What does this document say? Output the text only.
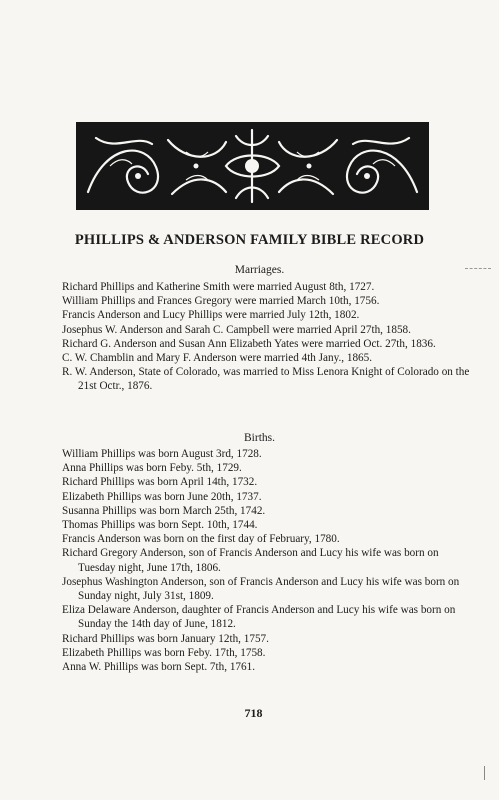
PHILLIPS & ANDERSON FAMILY BIBLE RECORD
Marriages.
Richard Phillips and Katherine Smith were married August 8th, 1727.
William Phillips and Frances Gregory were married March 10th, 1756.
Francis Anderson and Lucy Phillips were married July 12th, 1802.
Josephus W. Anderson and Sarah C. Campbell were married April 27th, 1858.
Richard G. Anderson and Susan Ann Elizabeth Yates were married Oct. 27th, 1836.
C. W. Chamblin and Mary F. Anderson were married 4th Jany., 1865.
R. W. Anderson, State of Colorado, was married to Miss Lenora Knight of Colorado on the 21st Octr., 1876.
Births.
William Phillips was born August 3rd, 1728.
Anna Phillips was born Feby. 5th, 1729.
Richard Phillips was born April 14th, 1732.
Elizabeth Phillips was born June 20th, 1737.
Susanna Phillips was born March 25th, 1742.
Thomas Phillips was born Sept. 10th, 1744.
Francis Anderson was born on the first day of February, 1780.
Richard Gregory Anderson, son of Francis Anderson and Lucy his wife was born on Tuesday night, June 17th, 1806.
Josephus Washington Anderson, son of Francis Anderson and Lucy his wife was born on Sunday night, July 31st, 1809.
Eliza Delaware Anderson, daughter of Francis Anderson and Lucy his wife was born on Sunday the 14th day of June, 1812.
Richard Phillips was born January 12th, 1757.
Elizabeth Phillips was born Feby. 17th, 1758.
Anna W. Phillips was born Sept. 7th, 1761.
718
